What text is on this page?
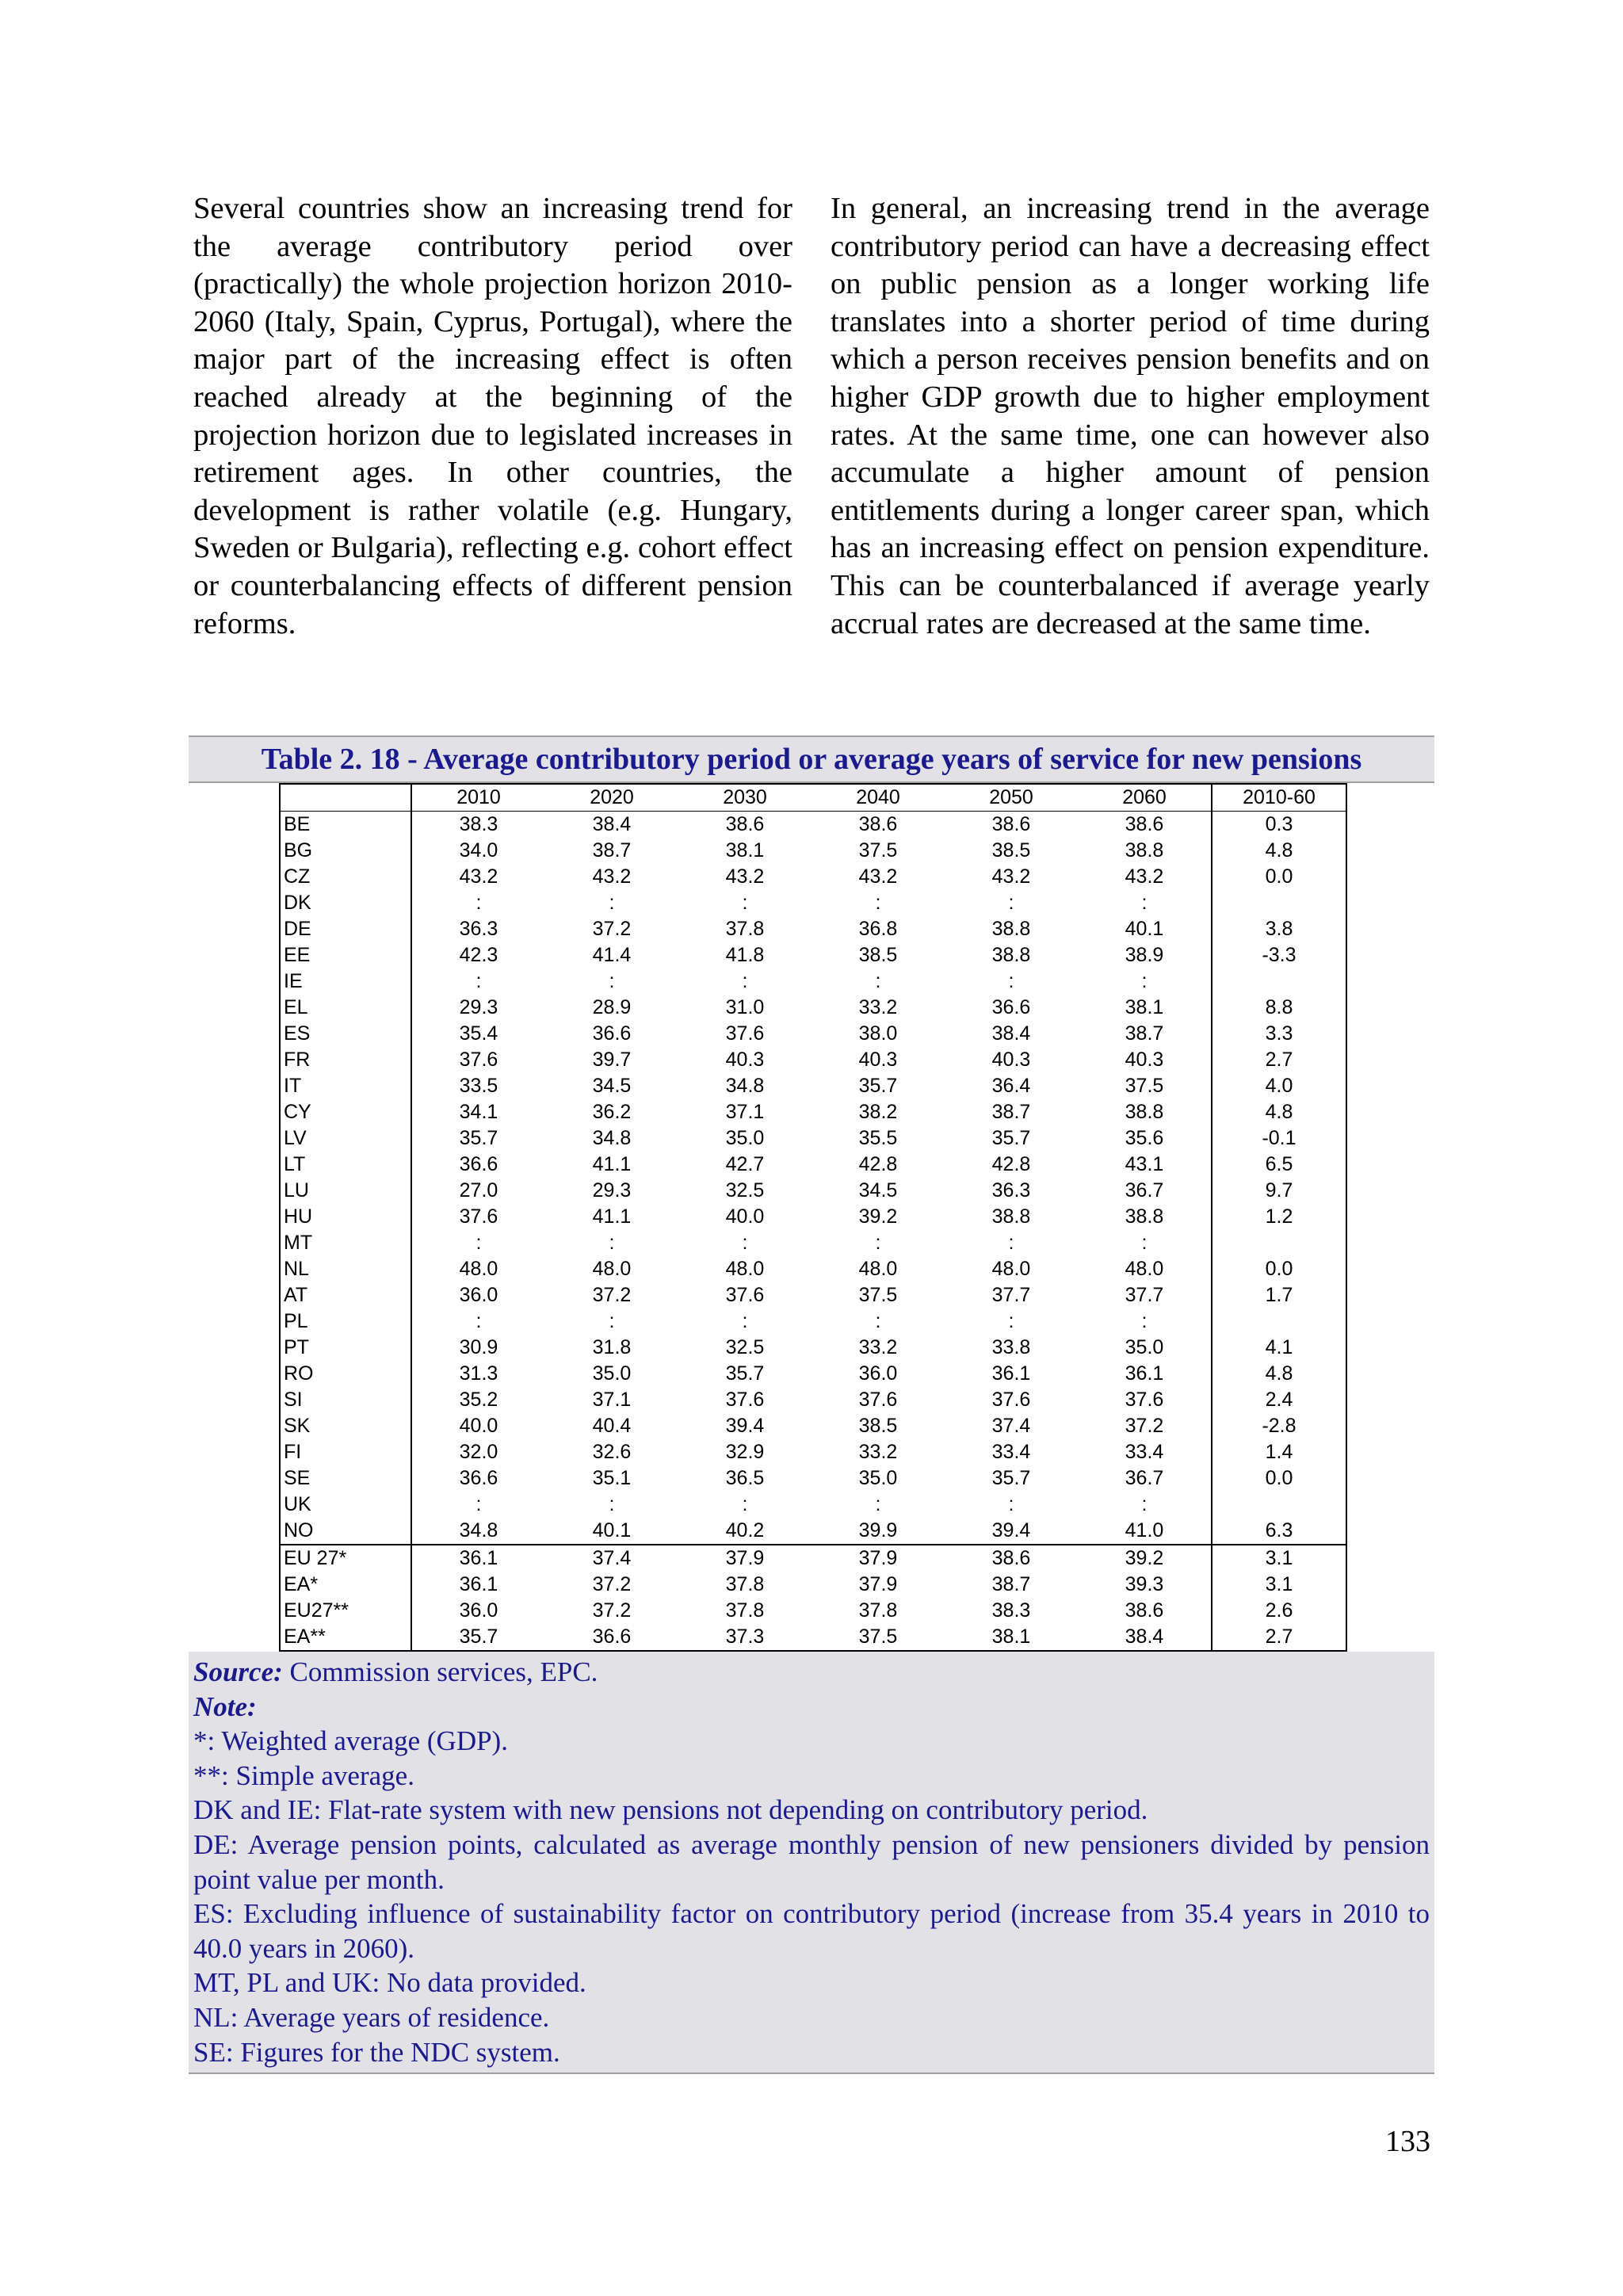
Several countries show an increasing trend for the average contributory period over (practically) the whole projection horizon 2010-2060 (Italy, Spain, Cyprus, Portugal), where the major part of the increasing effect is often reached already at the beginning of the projection horizon due to legislated increases in retirement ages. In other countries, the development is rather volatile (e.g. Hungary, Sweden or Bulgaria), reflecting e.g. cohort effect or counterbalancing effects of different pension reforms.
In general, an increasing trend in the average contributory period can have a decreasing effect on public pension as a longer working life translates into a shorter period of time during which a person receives pension benefits and on higher GDP growth due to higher employment rates. At the same time, one can however also accumulate a higher amount of pension entitlements during a longer career span, which has an increasing effect on pension expenditure. This can be counterbalanced if average yearly accrual rates are decreased at the same time.
Table 2. 18 - Average contributory period or average years of service for new pensions
	2010	2020	2030	2040	2050	2060	2010-60
BE	38.3	38.4	38.6	38.6	38.6	38.6	0.3
BG	34.0	38.7	38.1	37.5	38.5	38.8	4.8
CZ	43.2	43.2	43.2	43.2	43.2	43.2	0.0
DK	:	:	:	:	:	:	
DE	36.3	37.2	37.8	36.8	38.8	40.1	3.8
EE	42.3	41.4	41.8	38.5	38.8	38.9	-3.3
IE	:	:	:	:	:	:	
EL	29.3	28.9	31.0	33.2	36.6	38.1	8.8
ES	35.4	36.6	37.6	38.0	38.4	38.7	3.3
FR	37.6	39.7	40.3	40.3	40.3	40.3	2.7
IT	33.5	34.5	34.8	35.7	36.4	37.5	4.0
CY	34.1	36.2	37.1	38.2	38.7	38.8	4.8
LV	35.7	34.8	35.0	35.5	35.7	35.6	-0.1
LT	36.6	41.1	42.7	42.8	42.8	43.1	6.5
LU	27.0	29.3	32.5	34.5	36.3	36.7	9.7
HU	37.6	41.1	40.0	39.2	38.8	38.8	1.2
MT	:	:	:	:	:	:	
NL	48.0	48.0	48.0	48.0	48.0	48.0	0.0
AT	36.0	37.2	37.6	37.5	37.7	37.7	1.7
PL	:	:	:	:	:	:	
PT	30.9	31.8	32.5	33.2	33.8	35.0	4.1
RO	31.3	35.0	35.7	36.0	36.1	36.1	4.8
SI	35.2	37.1	37.6	37.6	37.6	37.6	2.4
SK	40.0	40.4	39.4	38.5	37.4	37.2	-2.8
FI	32.0	32.6	32.9	33.2	33.4	33.4	1.4
SE	36.6	35.1	36.5	35.0	35.7	36.7	0.0
UK	:	:	:	:	:	:	
NO	34.8	40.1	40.2	39.9	39.4	41.0	6.3
EU 27*	36.1	37.4	37.9	37.9	38.6	39.2	3.1
EA*	36.1	37.2	37.8	37.9	38.7	39.3	3.1
EU27**	36.0	37.2	37.8	37.8	38.3	38.6	2.6
EA**	35.7	36.6	37.3	37.5	38.1	38.4	2.7
Source: Commission services, EPC.
Note:
*: Weighted average (GDP).
**: Simple average.
DK and IE: Flat-rate system with new pensions not depending on contributory period.
DE: Average pension points, calculated as average monthly pension of new pensioners divided by pension point value per month.
ES: Excluding influence of sustainability factor on contributory period (increase from 35.4 years in 2010 to 40.0 years in 2060).
MT, PL and UK: No data provided.
NL: Average years of residence.
SE: Figures for the NDC system.
133
